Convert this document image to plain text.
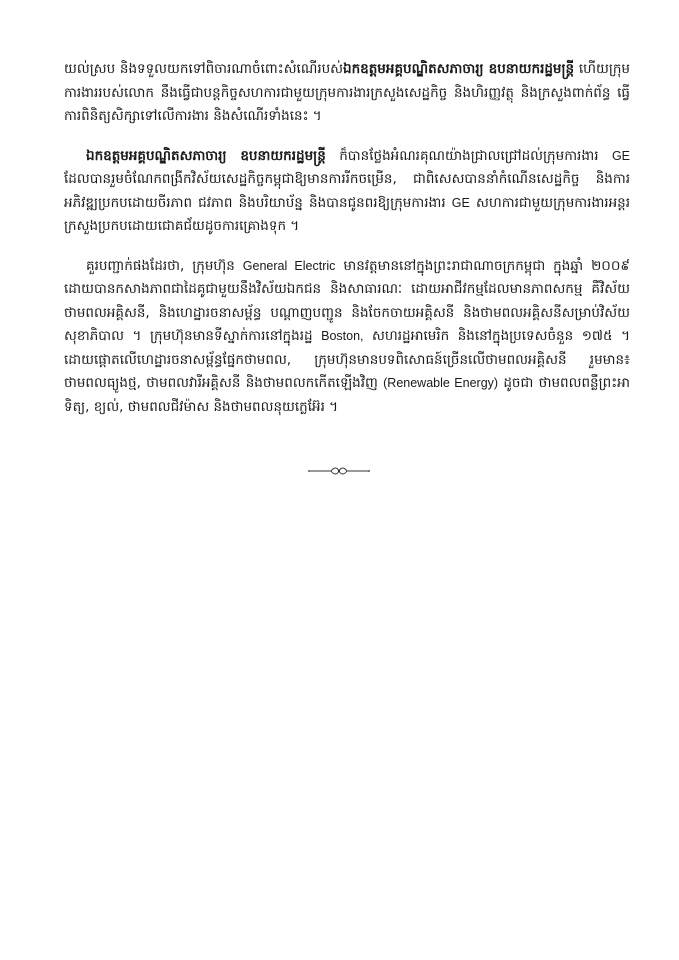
យល់ស្រប និងទទួលយកទៅពិចារណាចំពោះសំណើរបស់ឯកឧត្តមអគ្គបណ្ឌិតសភាចារ្យ ឧបនាយករដ្ឋមន្ត្រី ហើយក្រុមការងាររបស់លោក នឹងធ្វើជាបន្តកិច្ចសហការជាមួយក្រុមការងារក្រសួងសេដ្ឋកិច្ច និងហិរញ្ញវត្ថុ និងក្រសួងពាក់ព័ន្ធ ធ្វើការពិនិត្យសិក្សាទៅលើការងារ និងសំណើរទាំងនេះ ។

ឯកឧត្តមអគ្គបណ្ឌិតសភាចារ្យ ឧបនាយករដ្ឋមន្ត្រី ក៏បានថ្លែងអំណរគុណយ៉ាងជ្រាលជ្រៅដល់ក្រុមការងារ GE ដែលបានរួមចំណែកពង្រីកវិស័យសេដ្ឋកិច្ចកម្ពុជាឱ្យមានការរីកចម្រើន, ជាពិសេសបាននាំកំណើនសេដ្ឋកិច្ច និងការអភិវឌ្ឍប្រកបដោយចីរភាព ជវភាព និងបរិយាប័ន្ន និងបានជូនពរឱ្យក្រុមការងារ GE សហការជាមួយក្រុមការងារអន្តរក្រសួងប្រកបដោយជោគជ័យដូចការគ្រោងទុក ។

គួរបញ្ជាក់ផងដែរថា, ក្រុមហ៊ុន General Electric មានវត្តមាននៅក្នុងព្រះរាជាណាចក្រកម្ពុជា ក្នុងឆ្នាំ ២០០៩ ដោយបានកសាងភាពជាដៃគូជាមួយនឹងវិស័យឯកជន និងសាធារណៈ ដោយអាជីវកម្មដែលមានភាពសកម្ម គឺវិស័យថាមពលអគ្គិសនី, និងហេដ្ឋារចនាសម្ព័ន្ធ បណ្តាញបញ្ជូន និងចែកចាយអគ្គិសនី និងថាមពលអគ្គិសនីសម្រាប់វិស័យសុខាភិបាល ។ ក្រុមហ៊ុនមានទីស្នាក់ការនៅក្នុងរដ្ឋ Boston, សហរដ្ឋអាមេរិក និងនៅក្នុងប្រទេសចំនួន ១៧៥ ។ ដោយផ្តោតលើហេដ្ឋារចនាសម្ព័ន្ធផ្នែកថាមពល, ក្រុមហ៊ុនមានបទពិសោធន៍ច្រើនលើថាមពលអគ្គិសនី រួមមាន៖ ថាមពលធ្យូងថ្ម, ថាមពលវារីអគ្គិសនី និងថាមពលកកើតឡើងវិញ (Renewable Energy) ដូចជា ថាមពលពន្លឺព្រះអាទិត្យ, ខ្យល់, ថាមពលជីវម៉ាស និងថាមពលនុយក្លេអ៊ែរ ។
